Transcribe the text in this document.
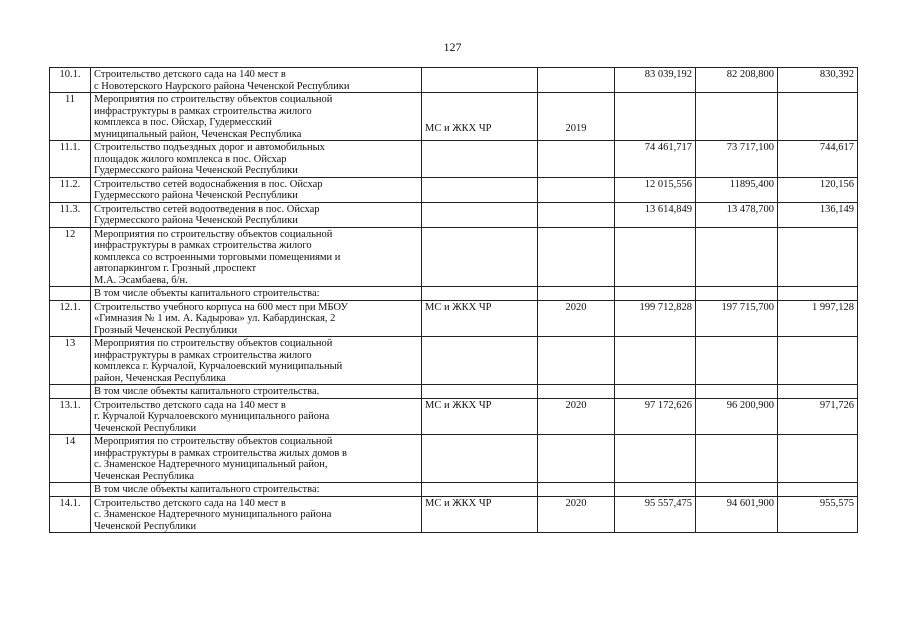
127
10.1.	Строительство детского сада на 140 мест в
с Новотерского Наурского района Чеченской Республики			83 039,192	82 208,800	830,392
11	Мероприятия по строительству объектов социальной
инфраструктуры в рамках строительства жилого
комплекса в пос. Ойсхар, Гудермесский
муниципальный район, Чеченская Республика	МС и ЖКХ ЧР	2019			
11.1.	Строительство подъездных дорог и автомобильных
площадок жилого комплекса в пос. Ойсхар
Гудермесского района Чеченской Республики			74 461,717	73 717,100	744,617
11.2.	Строительство сетей водоснабжения в пос. Ойсхар
Гудермесского района Чеченской Республики			12 015,556	11895,400	120,156
11.3.	Строительство сетей водоотведения в пос. Ойсхар
Гудермесского района Чеченской Республики			13 614,849	13 478,700	136,149
12	Мероприятия по строительству объектов социальной
инфраструктуры в рамках строительства жилого
комплекса со встроенными торговыми помещениями и
автопаркингом г. Грозный ,проспект
М.А. Эсамбаева, б/н.					

	В том числе объекты капитального строительства:					

12.1.	Строительство учебного корпуса на 600 мест при МБОУ
«Гимназия № 1 им. А. Кадырова» ул. Кабардинская, 2
Грозный Чеченской Республики	МС и ЖКХ ЧР	2020	199 712,828	197 715,700	1 997,128
13	Мероприятия по строительству объектов социальной
инфраструктуры в рамках строительства жилого
комплекса г. Курчалой, Курчалоевский муниципальный
район, Чеченская Республика					

	В том числе объекты капитального строительства.					

13.1.	Строительство детского сада на 140 мест в
г. Курчалой Курчалоевского муниципального района
Чеченской Республики	МС и ЖКХ ЧР	2020	97 172,626	96 200,900	971,726
14	Мероприятия по строительству объектов социальной
инфраструктуры в рамках строительства жилых домов в
с. Знаменское Надтеречного муниципальный район,
Чеченская Республика					

	В том числе объекты капитального строительства:					

14.1.	Строительство детского сада на 140 мест в
с. Знаменское Надтеречного муниципального района
Чеченской Республики	МС и ЖКХ ЧР	2020	95 557,475	94 601,900	955,575
